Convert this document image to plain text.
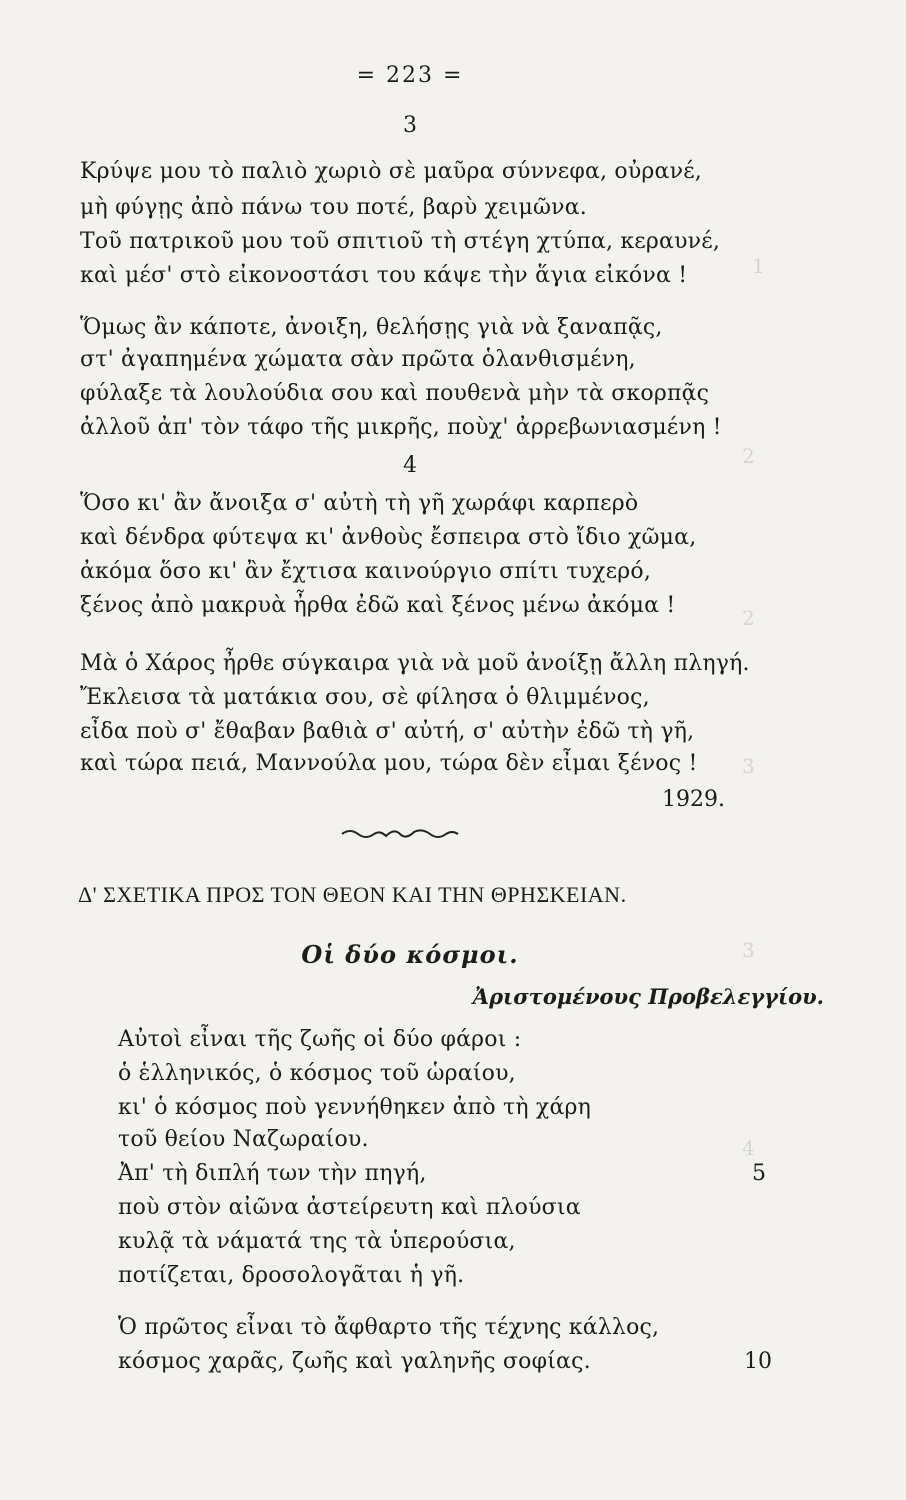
1
2
2
3
3
4
= 223 =
3
Κρύψε μου τὸ παλιὸ χωριὸ σὲ μαῦρα σύννεφα, οὐρανέ,
μὴ φύγῃς ἀπὸ πάνω του ποτέ, βαρὺ χειμῶνα.
Τοῦ πατρικοῦ μου τοῦ σπιτιοῦ τὴ στέγη χτύπα, κεραυνέ,
καὶ μέσ' στὸ εἰκονοστάσι του κάψε τὴν ἅγια εἰκόνα !
Ὅμως ἂν κάποτε, ἀνοιξη, θελήσῃς γιὰ νὰ ξαναπᾷς,
στ' ἀγαπημένα χώματα σὰν πρῶτα ὁλανθισμένη,
φύλαξε τὰ λουλούδια σου καὶ πουθενὰ μὴν τὰ σκορπᾷς
ἀλλοῦ ἀπ' τὸν τάφο τῆς μικρῆς, ποὺχ' ἀρρεβωνιασμένη !
4
Ὅσο κι' ἂν ἄνοιξα σ' αὐτὴ τὴ γῆ χωράφι καρπερὸ
καὶ δένδρα φύτεψα κι' ἀνθοὺς ἔσπειρα στὸ ἴδιο χῶμα,
ἀκόμα ὅσο κι' ἂν ἔχτισα καινούργιο σπίτι τυχερό,
ξένος ἀπὸ μακρυὰ ἦρθα ἐδῶ καὶ ξένος μένω ἀκόμα !
Μὰ ὁ Χάρος ἦρθε σύγκαιρα γιὰ νὰ μοῦ ἀνοίξῃ ἄλλη πληγή.
Ἔκλεισα τὰ ματάκια σου, σὲ φίλησα ὁ θλιμμένος,
εἶδα ποὺ σ' ἔθαβαν βαθιὰ σ' αὐτή, σ' αὐτὴν ἐδῶ τὴ γῆ,
καὶ τώρα πειά, Μαννούλα μου, τώρα δὲν εἶμαι ξένος !
1929.
Δ' ΣΧΕΤΙΚΑ ΠΡΟΣ ΤΟΝ ΘΕΟΝ ΚΑΙ ΤΗΝ ΘΡΗΣΚΕΙΑΝ.
Οἱ δύο κόσμοι.
Ἀριστομένους Προβελεγγίου.
Αὐτοὶ εἶναι τῆς ζωῆς οἱ δύο φάροι :
ὁ ἑλληνικός, ὁ κόσμος τοῦ ὡραίου,
κι' ὁ κόσμος ποὺ γεννήθηκεν ἀπὸ τὴ χάρη
τοῦ θείου Ναζωραίου.
Ἀπ' τὴ διπλή των τὴν πηγή,	5
ποὺ στὸν αἰῶνα ἀστείρευτη καὶ πλούσια
κυλᾷ τὰ νάματά της τὰ ὑπερούσια,
ποτίζεται, δροσολογᾶται ἡ γῆ.
Ὁ πρῶτος εἶναι τὸ ἄφθαρτο τῆς τέχνης κάλλος,
κόσμος χαρᾶς, ζωῆς καὶ γαληνῆς σοφίας.	10
